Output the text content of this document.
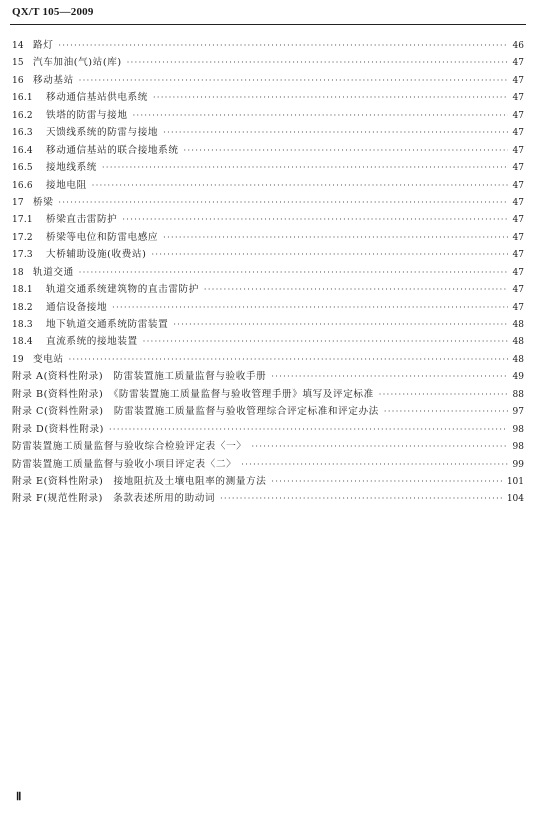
QX/T 105—2009
14 路灯 ·····	46
15 汽车加油(气)站(库) ·····	47
16 移动基站 ·····	47
16.1	移动通信基站供电系统 ·····	47
16.2	铁塔的防雷与接地 ·····	47
16.3	天馈线系统的防雷与接地 ·····	47
16.4	移动通信基站的联合接地系统 ·····	47
16.5	接地线系统 ·····	47
16.6	接地电阻 ·····	47
17 桥梁 ·····	47
17.1	桥梁直击雷防护 ·····	47
17.2	桥梁等电位和防雷电感应 ·····	47
17.3	大桥辅助设施(收费站) ·····	47
18 轨道交通 ·····	47
18.1	轨道交通系统建筑物的直击雷防护 ·····	47
18.2	通信设备接地 ·····	47
18.3	地下轨道交通系统防雷装置 ·····	48
18.4	直流系统的接地装置 ·····	48
19 变电站 ·····	48
附录 A(资料性附录)　防雷装置施工质量监督与验收手册 ·····	49
附录 B(资料性附录)　《防雷装置施工质量监督与验收管理手册》填写及评定标准 ·····	88
附录 C(资料性附录)　防雷装置施工质量监督与验收管理综合评定标准和评定办法 ·····	97
附录 D(资料性附录) ·····	98
防雷装置施工质量监督与验收综合检验评定表〈一〉 ·····	98
防雷装置施工质量监督与验收小项目评定表〈二〉 ·····	99
附录 E(资料性附录)　接地阻抗及土壤电阻率的测量方法 ·····	101
附录 F(规范性附录)　条款表述所用的助动词 ·····	104
Ⅱ
